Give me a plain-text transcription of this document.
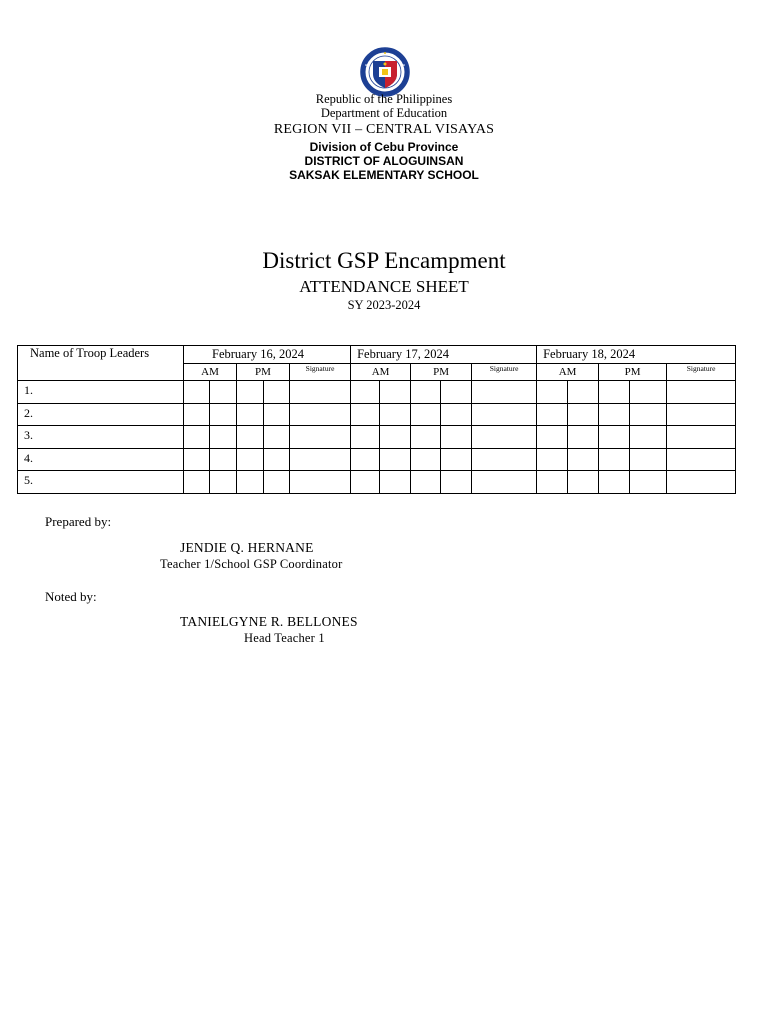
Republic of the Philippines
Department of Education
REGION VII – CENTRAL VISAYAS
Division of Cebu Province
DISTRICT OF ALOGUINSAN
SAKSAK ELEMENTARY SCHOOL
District GSP Encampment
ATTENDANCE SHEET
SY 2023-2024
Name of Troop Leaders	February 16, 2024					February 17, 2024					February 18, 2024				
	AM		PM		Signature	AM		PM		Signature	AM		PM		Signature
1.															
2.															
3.															
4.															
5.															
Prepared by:
JENDIE Q. HERNANE
Teacher 1/School GSP Coordinator
Noted by:
TANIELGYNE R. BELLONES
Head Teacher 1
